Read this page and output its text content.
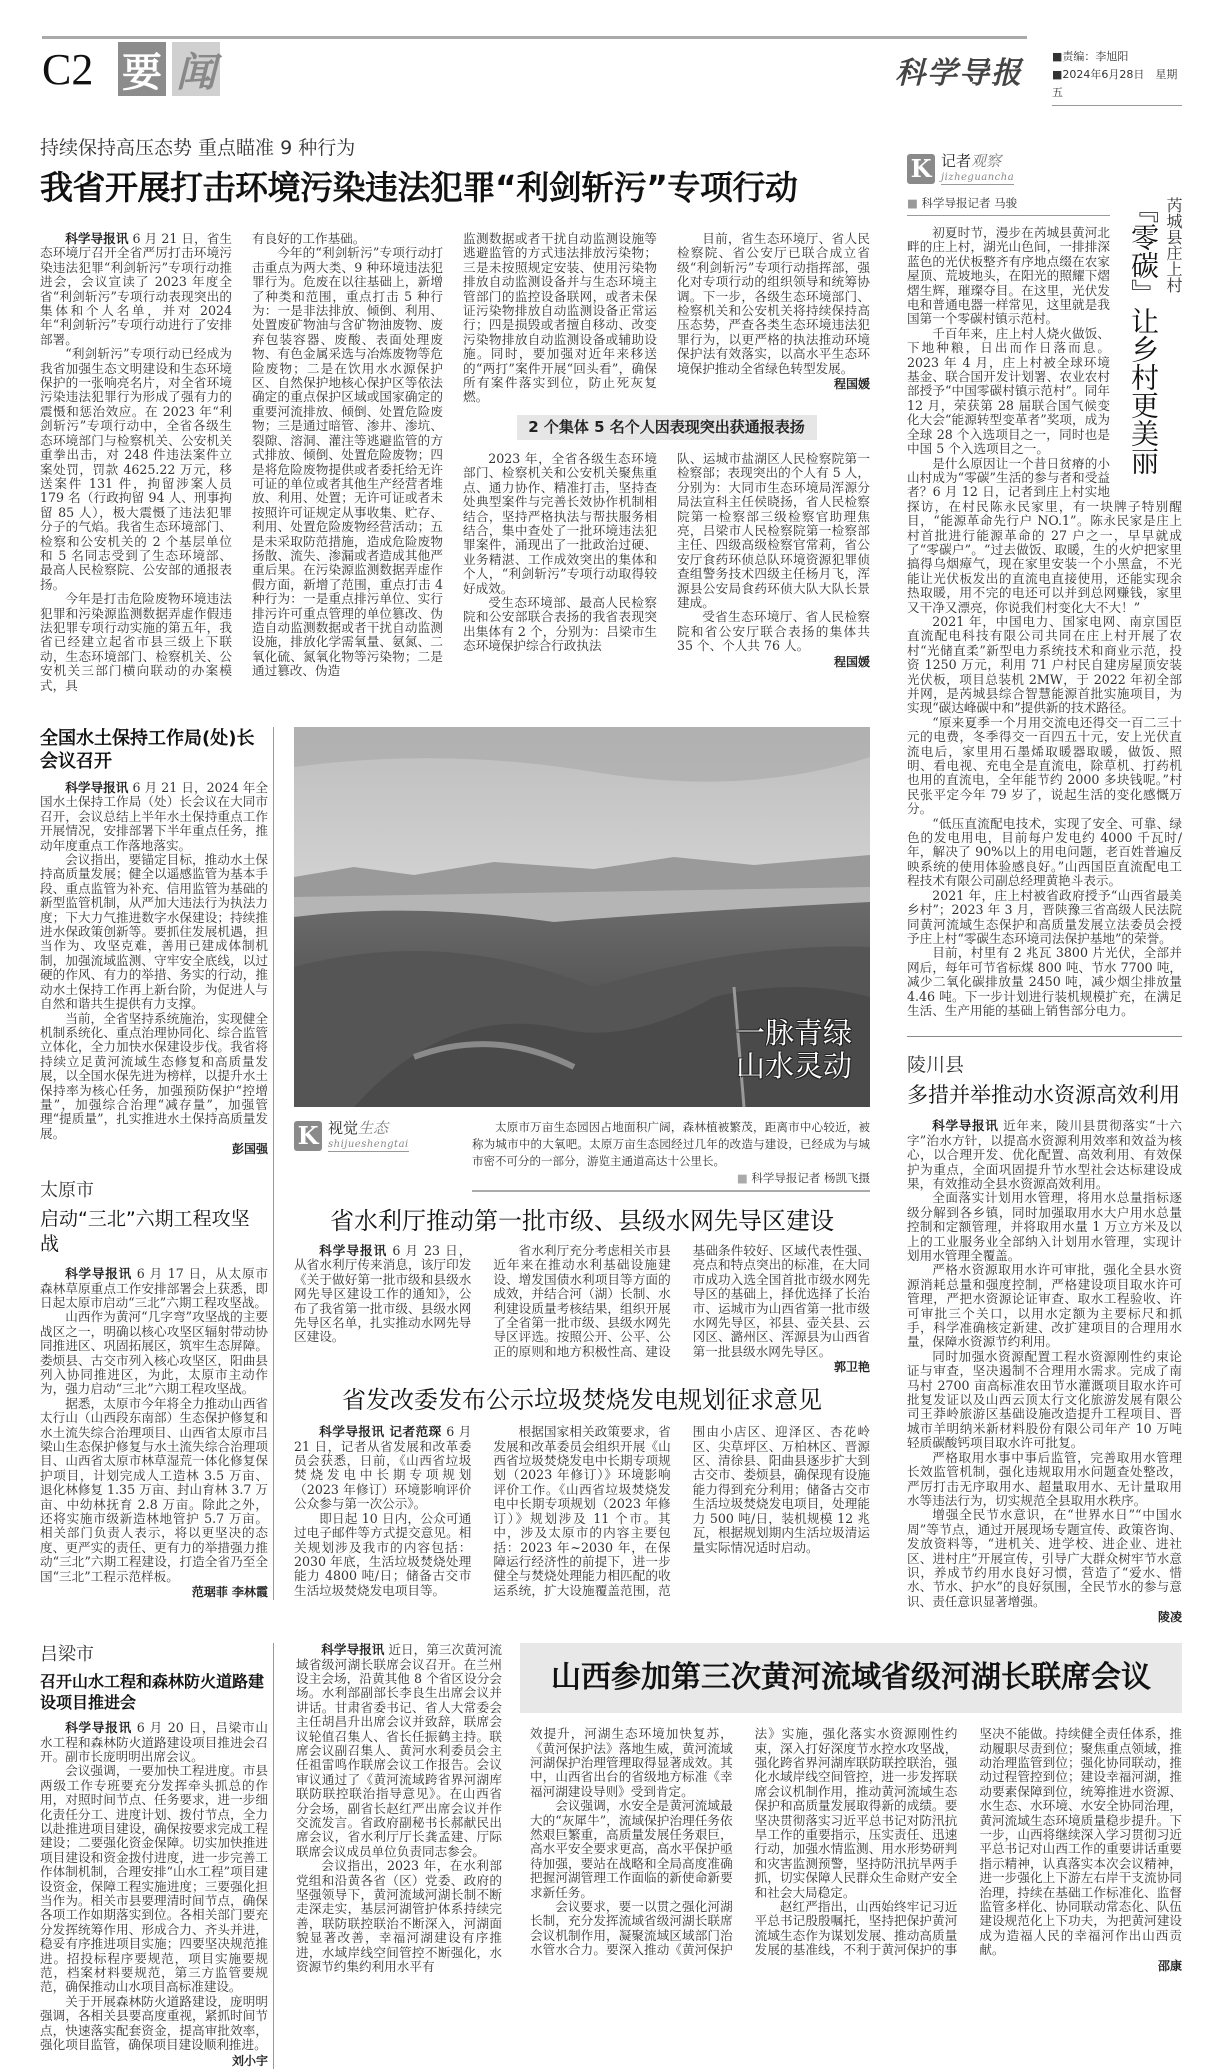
C2 要 闻	科学导报	■责编：李旭阳
■2024年6月28日　星期五
持续保持高压态势 重点瞄准 9 种行为
我省开展打击环境污染违法犯罪“利剑斩污”专项行动

科学导报讯 6 月 21 日，省生态环境厅召开全省严厉打击环境污染违法犯罪“利剑斩污”专项行动推进会，会议宣读了 2023 年度全省“利剑斩污”专项行动表现突出的集体和个人名单，并对 2024 年“利剑斩污”专项行动进行了安排部署。

“利剑斩污”专项行动已经成为我省加强生态文明建设和生态环境保护的一张响亮名片，对全省环境污染违法犯罪行为形成了强有力的震慑和惩治效应。在 2023 年“利剑斩污”专项行动中，全省各级生态环境部门与检察机关、公安机关重拳出击，对 248 件违法案件立案处罚，罚款 4625.22 万元，移送案件 131 件，拘留涉案人员 179 名（行政拘留 94 人、刑事拘留 85 人），极大震慑了违法犯罪分子的气焰。我省生态环境部门、检察和公安机关的 2 个基层单位和 5 名同志受到了生态环境部、最高人民检察院、公安部的通报表扬。

今年是打击危险废物环境违法犯罪和污染源监测数据弄虚作假违法犯罪专项行动实施的第五年，我省已经建立起省市县三级上下联动，生态环境部门、检察机关、公安机关三部门横向联动的办案模式，具

有良好的工作基础。

今年的“利剑斩污”专项行动打击重点为两大类、9 种环境违法犯罪行为。危废在以往基础上，新增了种类和范围，重点打击 5 种行为：一是非法排放、倾倒、利用、处置废矿物油与含矿物油废物、废弃包装容器、废酸、表面处理废物、有色金属采选与冶炼废物等危险废物；二是在饮用水水源保护区、自然保护地核心保护区等依法确定的重点保护区域或国家确定的重要河流排放、倾倒、处置危险废物；三是通过暗管、渗井、渗坑、裂隙、溶洞、灌注等逃避监管的方式排放、倾倒、处置危险废物；四是将危险废物提供或者委托给无许可证的单位或者其他生产经营者堆放、利用、处置；无许可证或者未按照许可证规定从事收集、贮存、利用、处置危险废物经营活动；五是未采取防范措施，造成危险废物扬散、流失、渗漏或者造成其他严重后果。在污染源监测数据弄虚作假方面，新增了范围，重点打击 4 种行为：一是重点排污单位、实行排污许可重点管理的单位篡改、伪造自动监测数据或者干扰自动监测设施，排放化学需氧量、氨氮、二氧化硫、氮氧化物等污染物；二是通过篡改、伪造

监测数据或者干扰自动监测设施等逃避监管的方式违法排放污染物；三是未按照规定安装、使用污染物排放自动监测设备并与生态环境主管部门的监控设备联网，或者未保证污染物排放自动监测设备正常运行；四是损毁或者擅自移动、改变污染物排放自动监测设备或辅助设施。同时，要加强对近年来移送的“两打”案件开展“回头看”，确保所有案件落实到位，防止死灰复燃。

目前，省生态环境厅、省人民检察院、省公安厅已联合成立省级“利剑斩污”专项行动指挥部，强化对专项行动的组织领导和统筹协调。下一步，各级生态环境部门、检察机关和公安机关将持续保持高压态势，严查各类生态环境违法犯罪行为，以更严格的执法推动环境保护法有效落实，以高水平生态环境保护推动全省绿色转型发展。

程国媛
2 个集体 5 名个人因表现突出获通报表扬

2023 年，全省各级生态环境部门、检察机关和公安机关聚焦重点、通力协作、精准打击，坚持查处典型案件与完善长效协作机制相结合，坚持严格执法与帮扶服务相结合，集中查处了一批环境违法犯罪案件，涌现出了一批政治过硬、业务精湛、工作成效突出的集体和个人，“利剑斩污”专项行动取得较好成效。

受生态环境部、最高人民检察院和公安部联合表扬的我省表现突出集体有 2 个，分别为：吕梁市生态环境保护综合行政执法

队、运城市盐湖区人民检察院第一检察部；表现突出的个人有 5 人，分别为：大同市生态环境局浑源分局法宣科主任侯晓扬，省人民检察院第一检察部三级检察官助理焦亮，吕梁市人民检察院第一检察部主任、四级高级检察官常莉，省公安厅食药环侦总队环境资源犯罪侦查组警务技术四级主任杨月飞，浑源县公安局食药环侦大队大队长景建成。

受省生态环境厅、省人民检察院和省公安厅联合表扬的集体共 35 个、个人共 76 人。

程国媛
全国水土保持工作局(处)长会议召开

科学导报讯 6 月 21 日，2024 年全国水土保持工作局（处）长会议在大同市召开，会议总结上半年水土保持重点工作开展情况，安排部署下半年重点任务，推动年度重点工作落地落实。

会议指出，要锚定目标，推动水土保持高质量发展；健全以遥感监管为基本手段、重点监管为补充、信用监管为基础的新型监管机制，从严加大违法行为执法力度；下大力气推进数字水保建设；持续推进水保政策创新等。要抓住发展机遇，担当作为、攻坚克难，善用已建成体制机制，加强流域监测、守牢安全底线，以过硬的作风、有力的举措、务实的行动，推动水土保持工作再上新台阶，为促进人与自然和谐共生提供有力支撑。

当前，全省坚持系统施治，实现健全机制系统化、重点治理协同化、综合监管立体化，全力加快水保建设步伐。我省将持续立足黄河流域生态修复和高质量发展，以全国水保先进为榜样，以提升水土保持率为核心任务，加强预防保护“控增量”，加强综合治理“减存量”，加强管理“提质量”，扎实推进水土保持高质量发展。

彭国强
太原市
启动“三北”六期工程攻坚战

科学导报讯 6 月 17 日，从太原市森林草原重点工作安排部署会上获悉，即日起太原市启动“三北”六期工程攻坚战。

山西作为黄河“几字弯”攻坚战的主要战区之一，明确以核心攻坚区辐射带动协同推进区、巩固拓展区，筑牢生态屏障。娄烦县、古交市列入核心攻坚区，阳曲县列入协同推进区，为此，太原市主动作为，强力启动“三北”六期工程攻坚战。

据悉，太原市今年将全力推动山西省太行山（山西段东南部）生态保护修复和水土流失综合治理项目、山西省太原市吕梁山生态保护修复与水土流失综合治理项目、山西省太原市林草湿荒一体化修复保护项目，计划完成人工造林 3.5 万亩、退化林修复 1.35 万亩、封山育林 3.7 万亩、中幼林抚育 2.8 万亩。除此之外，还将实施市级新造林地管护 5.7 万亩。相关部门负责人表示，将以更坚决的态度、更严实的责任、更有力的举措强力推动“三北”六期工程建设，打造全省乃至全国“三北”工程示范样板。

范琚菲 李林霞
一脉青绿
山水灵动
K 视觉生态
shijueshengtai
太原市万亩生态园因占地面积广阔，森林植被繁茂，距离市中心较近，被称为城市中的大氧吧。太原万亩生态园经过几年的改造与建设，已经成为与城市密不可分的一部分，游览主通道高达十公里长。
■ 科学导报记者 杨凯飞摄
省水利厅推动第一批市级、县级水网先导区建设

科学导报讯 6 月 23 日，从省水利厅传来消息，该厅印发《关于做好第一批市级和县级水网先导区建设工作的通知》，公布了我省第一批市级、县级水网先导区名单，扎实推动水网先导区建设。

省水利厅充分考虑相关市县近年来在推动水利基础设施建设、增发国债水利项目等方面的成效，并结合河（湖）长制、水利建设质量考核结果，组织开展了全省第一批市级、县级水网先导区评选。按照公开、公平、公正的原则和地方积极性高、建设基础条件较好、区域代表性强、亮点和特点突出的标准，在大同市成功入选全国首批市级水网先导区的基础上，择优选择了长治市、运城市为山西省第一批市级水网先导区，祁县、壶关县、云冈区、潞州区、浑源县为山西省第一批县级水网先导区。

郭卫艳
省发改委发布公示垃圾焚烧发电规划征求意见

科学导报讯 记者范琛 6 月 21 日，记者从省发展和改革委员会获悉，日前，《山西省垃圾焚烧发电中长期专项规划（2023 年修订）环境影响评价公众参与第一次公示》。

即日起 10 日内，公众可通过电子邮件等方式提交意见。相关规划涉及我市的内容包括：2030 年底，生活垃圾焚烧处理能力 4800 吨/日；储备古交市生活垃圾焚烧发电项目等。

根据国家相关政策要求，省发展和改革委员会组织开展《山西省垃圾焚烧发电中长期专项规划（2023 年修订）》环境影响评价工作。《山西省垃圾焚烧发电中长期专项规划（2023 年修订）》规划涉及 11 个市。其中，涉及太原市的内容主要包括：2023 年~2030 年，在保障运行经济性的前提下，进一步健全与焚烧处理能力相匹配的收运系统，扩大设施覆盖范围，范围由小店区、迎泽区、杏花岭区、尖草坪区、万柏林区、晋源区、清徐县、阳曲县逐步扩大到古交市、娄烦县，确保现有设施能力得到充分利用；储备古交市生活垃圾焚烧发电项目，处理能力 500 吨/日，装机规模 12 兆瓦，根据规划期内生活垃圾清运量实际情况适时启动。

K 记者观察
jizheguancha
芮城县庄上村
『零碳』让乡村更美丽
■ 科学导报记者 马骏

初夏时节，漫步在芮城县黄河北畔的庄上村，湖光山色间，一排排深蓝色的光伏板整齐有序地点缀在农家屋顶、荒坡地头，在阳光的照耀下熠熠生辉，璀璨夺目。在这里，光伏发电和普通电器一样常见，这里就是我国第一个零碳村镇示范村。

千百年来，庄上村人烧火做饭、下地种粮，日出而作日落而息。2023 年 4 月，庄上村被全球环境基金、联合国开发计划署、农业农村部授予“中国零碳村镇示范村”。同年 12 月，荣获第 28 届联合国气候变化大会“能源转型变革者”奖项，成为全球 28 个入选项目之一，同时也是中国 5 个入选项目之一。

是什么原因让一个昔日贫瘠的小山村成为“零碳”生活的参与者和受益者？6 月 12 日，记者到庄上村实地探访，在村民陈永民家里，有一块牌子特别醒目，“能源革命先行户 NO.1”。陈永民家是庄上村首批进行能源革命的 27 户之一，早早就成了“零碳户”。“过去做饭、取暖，生的火炉把家里搞得乌烟瘴气，现在家里安装一个小黑盒，不光能让光伏板发出的直流电直接使用，还能实现余热取暖，用不完的电还可以并到总网赚钱，家里又干净又漂亮，你说我们村变化大不大！”

2021 年，中国电力、国家电网、南京国臣直流配电科技有限公司共同在庄上村开展了农村“光储直柔”新型电力系统技术和商业示范，投资 1250 万元，利用 71 户村民自建房屋顶安装光伏板，项目总装机 2MW，于 2022 年初全部并网，是芮城县综合智慧能源首批实施项目，为实现“碳达峰碳中和”提供新的技术路径。

“原来夏季一个月用交流电还得交一百二三十元的电费，冬季得交一百四五十元，安上光伏直流电后，家里用石墨烯取暖器取暖，做饭、照明、看电视、充电全是直流电，除草机、打药机也用的直流电，全年能节约 2000 多块钱呢。”村民张平定今年 79 岁了，说起生活的变化感慨万分。

“低压直流配电技术，实现了安全、可靠、绿色的发电用电，目前每户发电约 4000 千瓦时/年，解决了 90%以上的用电问题，老百姓普遍反映系统的使用体验感良好。”山西国臣直流配电工程技术有限公司副总经理黄艳斗表示。

2021 年，庄上村被省政府授予“山西省最美乡村”；2023 年 3 月，晋陕豫三省高级人民法院同黄河流域生态保护和高质量发展立法委员会授予庄上村“零碳生态环境司法保护基地”的荣誉。

目前，村里有 2 兆瓦 3800 片光伏，全部并网后，每年可节省标煤 800 吨、节水 7700 吨，减少二氧化碳排放量 2450 吨，减少烟尘排放量 4.46 吨。下一步计划进行装机规模扩充，在满足生活、生产用能的基础上销售部分电力。

陵川县
多措并举推动水资源高效利用

科学导报讯 近年来，陵川县贯彻落实“十六字”治水方针，以提高水资源利用效率和效益为核心，以合理开发、优化配置、高效利用、有效保护为重点，全面巩固提升节水型社会达标建设成果，有效推动全县水资源高效利用。

全面落实计划用水管理，将用水总量指标逐级分解到各乡镇，同时加强取用水大户用水总量控制和定额管理，并将取用水量 1 万立方米及以上的工业服务业全部纳入计划用水管理，实现计划用水管理全覆盖。

严格水资源取用水许可审批，强化全县水资源消耗总量和强度控制，严格建设项目取水许可管理，严把水资源论证审查、取水工程验收、许可审批三个关口，以用水定额为主要标尺和抓手，科学准确核定新建、改扩建项目的合理用水量，保障水资源节约利用。

同时加强水资源配置工程水资源刚性约束论证与审查，坚决遏制不合理用水需求。完成了南马村 2700 亩高标准农田节水灌溉项目取水许可批复发证以及山西云顶太行文化旅游发展有限公司王莽岭旅游区基础设施改造提升工程项目、晋城市羊明纳米新材料股份有限公司年产 10 万吨轻质碳酸钙项目取水许可批复。

严格取用水事中事后监管，完善取用水管理长效监管机制，强化违规取用水问题查处整改，严厉打击无序取用水、超量取用水、无计量取用水等违法行为，切实规范全县取用水秩序。

增强全民节水意识，在“世界水日”“中国水周”等节点，通过开展现场专题宣传、政策咨询、发放资料等，“进机关、进学校、进企业、进社区、进村庄”开展宣传，引导广大群众树牢节水意识，养成节约用水良好习惯，营造了“爱水、惜水、节水、护水”的良好氛围，全民节水的参与意识、责任意识显著增强。

陵凌
吕梁市
召开山水工程和森林防火道路建设项目推进会

科学导报讯 6 月 20 日，吕梁市山水工程和森林防火道路建设项目推进会召开。副市长庞明明出席会议。

会议强调，一要加快工程进度。市县两级工作专班要充分发挥牵头抓总的作用，对照时间节点、任务要求，进一步细化责任分工、进度计划、拨付节点，全力以赴推进项目建设，确保按要求完成工程建设；二要强化资金保障。切实加快推进项目建设和资金拨付进度，进一步完善工作体制机制，合理安排“山水工程”项目建设资金，保障工程实施进度；三要强化担当作为。相关市县要理清时间节点，确保各项工作如期落实到位。各相关部门要充分发挥统筹作用、形成合力、齐头并进，稳妥有序推进项目实施；四要坚决规范推进。招投标程序要规范，项目实施要规范，档案材料要规范，第三方监管要规范，确保推动山水项目高标准建设。

关于开展森林防火道路建设，庞明明强调，各相关县要高度重视，紧抓时间节点，快速落实配套资金，提高审批效率，强化项目监管，确保项目建设顺利推进。

刘小宇

科学导报讯 近日，第三次黄河流域省级河湖长联席会议召开。在兰州设主会场，沿黄其他 8 个省区设分会场。水利部副部长李良生出席会议并讲话。甘肃省委书记、省人大常委会主任胡昌升出席会议并致辞，联席会议轮值召集人、省长任振鹤主持。联席会议副召集人、黄河水利委员会主任祖雷鸣作联席会议工作报告。会议审议通过了《黄河流域跨省界河湖库联防联控联治指导意见》。在山西省分会场，副省长赵红严出席会议并作交流发言。省政府副秘书长郝献民出席会议，省水利厅厅长龚孟建、厅际联席会议成员单位负责同志参会。

会议指出，2023 年，在水利部党组和沿黄各省（区）党委、政府的坚强领导下，黄河流域河湖长制不断走深走实，基层河湖管护体系持续完善，联防联控联治不断深入，河湖面貌显著改善，幸福河湖建设有序推进，水域岸线空间管控不断强化，水资源节约集约利用水平有

山西参加第三次黄河流域省级河湖长联席会议

效提升，河湖生态环境加快复苏，《黄河保护法》落地生威，黄河流域河湖保护治理管理取得显著成效。其中，山西省出台的省级地方标准《幸福河湖建设导则》受到肯定。

会议强调，水安全是黄河流域最大的“灰犀牛”，流域保护治理任务依然艰巨繁重，高质量发展任务艰巨，高水平安全要求更高，高水平保护亟待加强，要站在战略和全局高度准确把握河湖管理工作面临的新使命新要求新任务。

会议要求，要一以贯之强化河湖长制，充分发挥流域省级河湖长联席会议机制作用，凝聚流域区域部门治水管水合力。要深入推动《黄河保护法》实施，强化落实水资源刚性约束，深入打好深度节水控水攻坚战，强化跨省界河湖库联防联控联治，强化水域岸线空间管控，进一步发挥联席会议机制作用，推动黄河流域生态保护和高质量发展取得新的成绩。要坚决贯彻落实习近平总书记对防汛抗旱工作的重要指示，压实责任、迅速行动，加强水情监测、用水形势研判和灾害监测预警，坚持防汛抗旱两手抓，切实保障人民群众生命财产安全和社会大局稳定。

赵红严指出，山西始终牢记习近平总书记殷殷嘱托，坚持把保护黄河流域生态作为谋划发展、推动高质量发展的基准线，不利于黄河保护的事坚决不能做。持续健全责任体系，推动履职尽责到位；聚焦重点领域，推动治理监管到位；强化协同联动，推动过程管控到位；建设幸福河湖，推动要素保障到位，统筹推进水资源、水生态、水环境、水安全协同治理，黄河流域生态环境质量稳步提升。下一步，山西将继续深入学习贯彻习近平总书记对山西工作的重要讲话重要指示精神，认真落实本次会议精神，进一步强化上下游左右岸干支流协同治理，持续在基础工作标准化、监督监管多样化、协同联动常态化、队伍建设规范化上下功夫，为把黄河建设成为造福人民的幸福河作出山西贡献。

邵康
